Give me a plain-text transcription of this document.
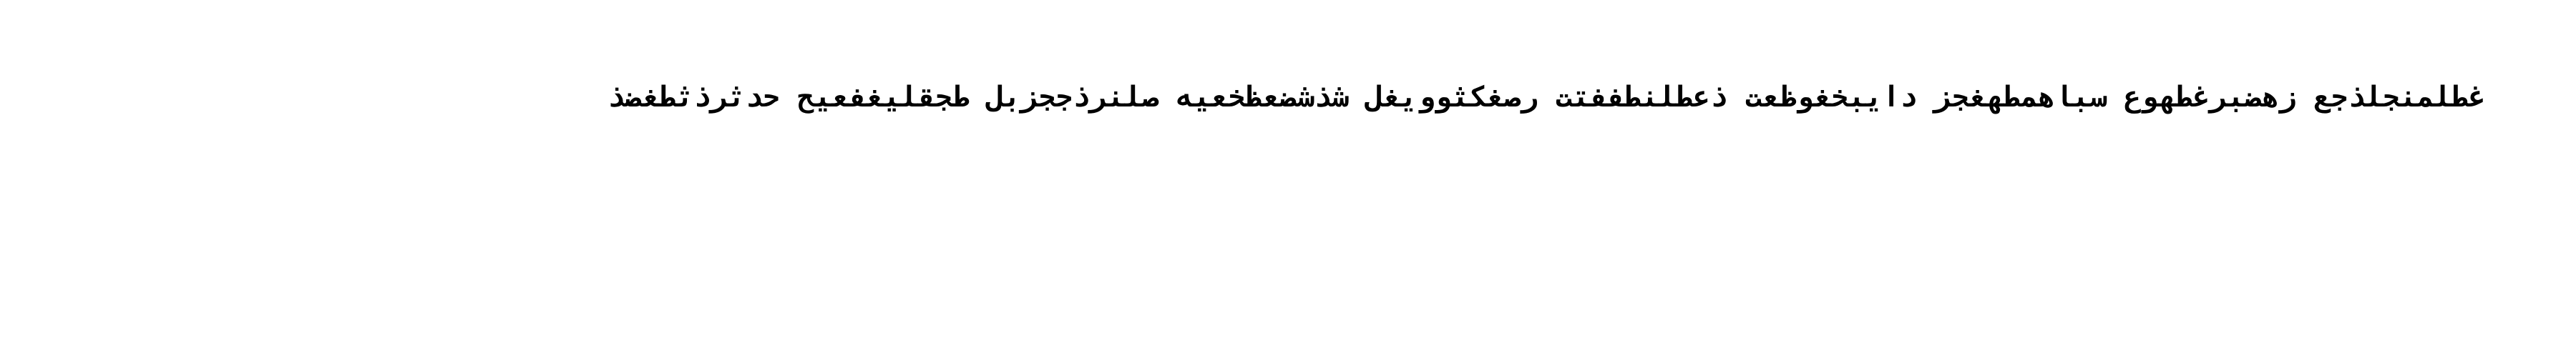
غطلمنجلذجع زهضبرغطهوع سباهمطهغجز دايبخغوظعت ذعطلنطففتت رصغكثوويغل شذشضعظخعيه صلنرذججزبل طجقليغفعيح حدثرذثطغضذ
